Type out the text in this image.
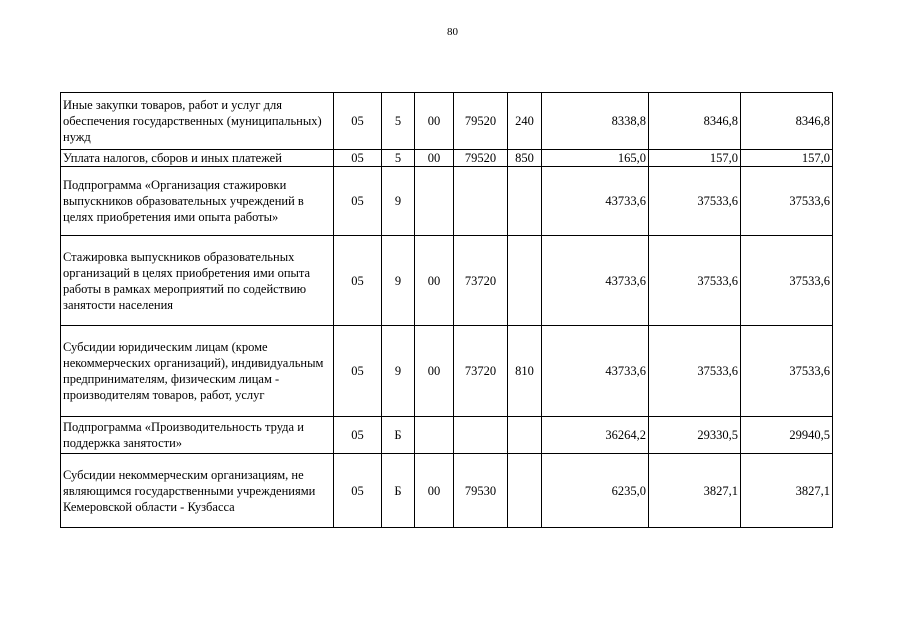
80
Иные закупки товаров, работ и услуг для обеспечения государственных (муниципальных) нужд	05	5	00	79520	240	8338,8	8346,8	8346,8
Уплата налогов, сборов и иных платежей	05	5	00	79520	850	165,0	157,0	157,0
Подпрограмма «Организация стажировки выпускников образовательных учреждений в целях приобретения ими опыта работы»	05	9				43733,6	37533,6	37533,6
Стажировка выпускников образовательных организаций в целях приобретения ими опыта работы в рамках мероприятий по содействию занятости населения	05	9	00	73720		43733,6	37533,6	37533,6
Субсидии юридическим лицам (кроме некоммерческих организаций), индивидуальным предпринимателям, физическим лицам - производителям товаров, работ, услуг	05	9	00	73720	810	43733,6	37533,6	37533,6
Подпрограмма «Производительность труда и поддержка занятости»	05	Б				36264,2	29330,5	29940,5
Субсидии некоммерческим организациям, не являющимся государственными учреждениями Кемеровской области - Кузбасса	05	Б	00	79530		6235,0	3827,1	3827,1
